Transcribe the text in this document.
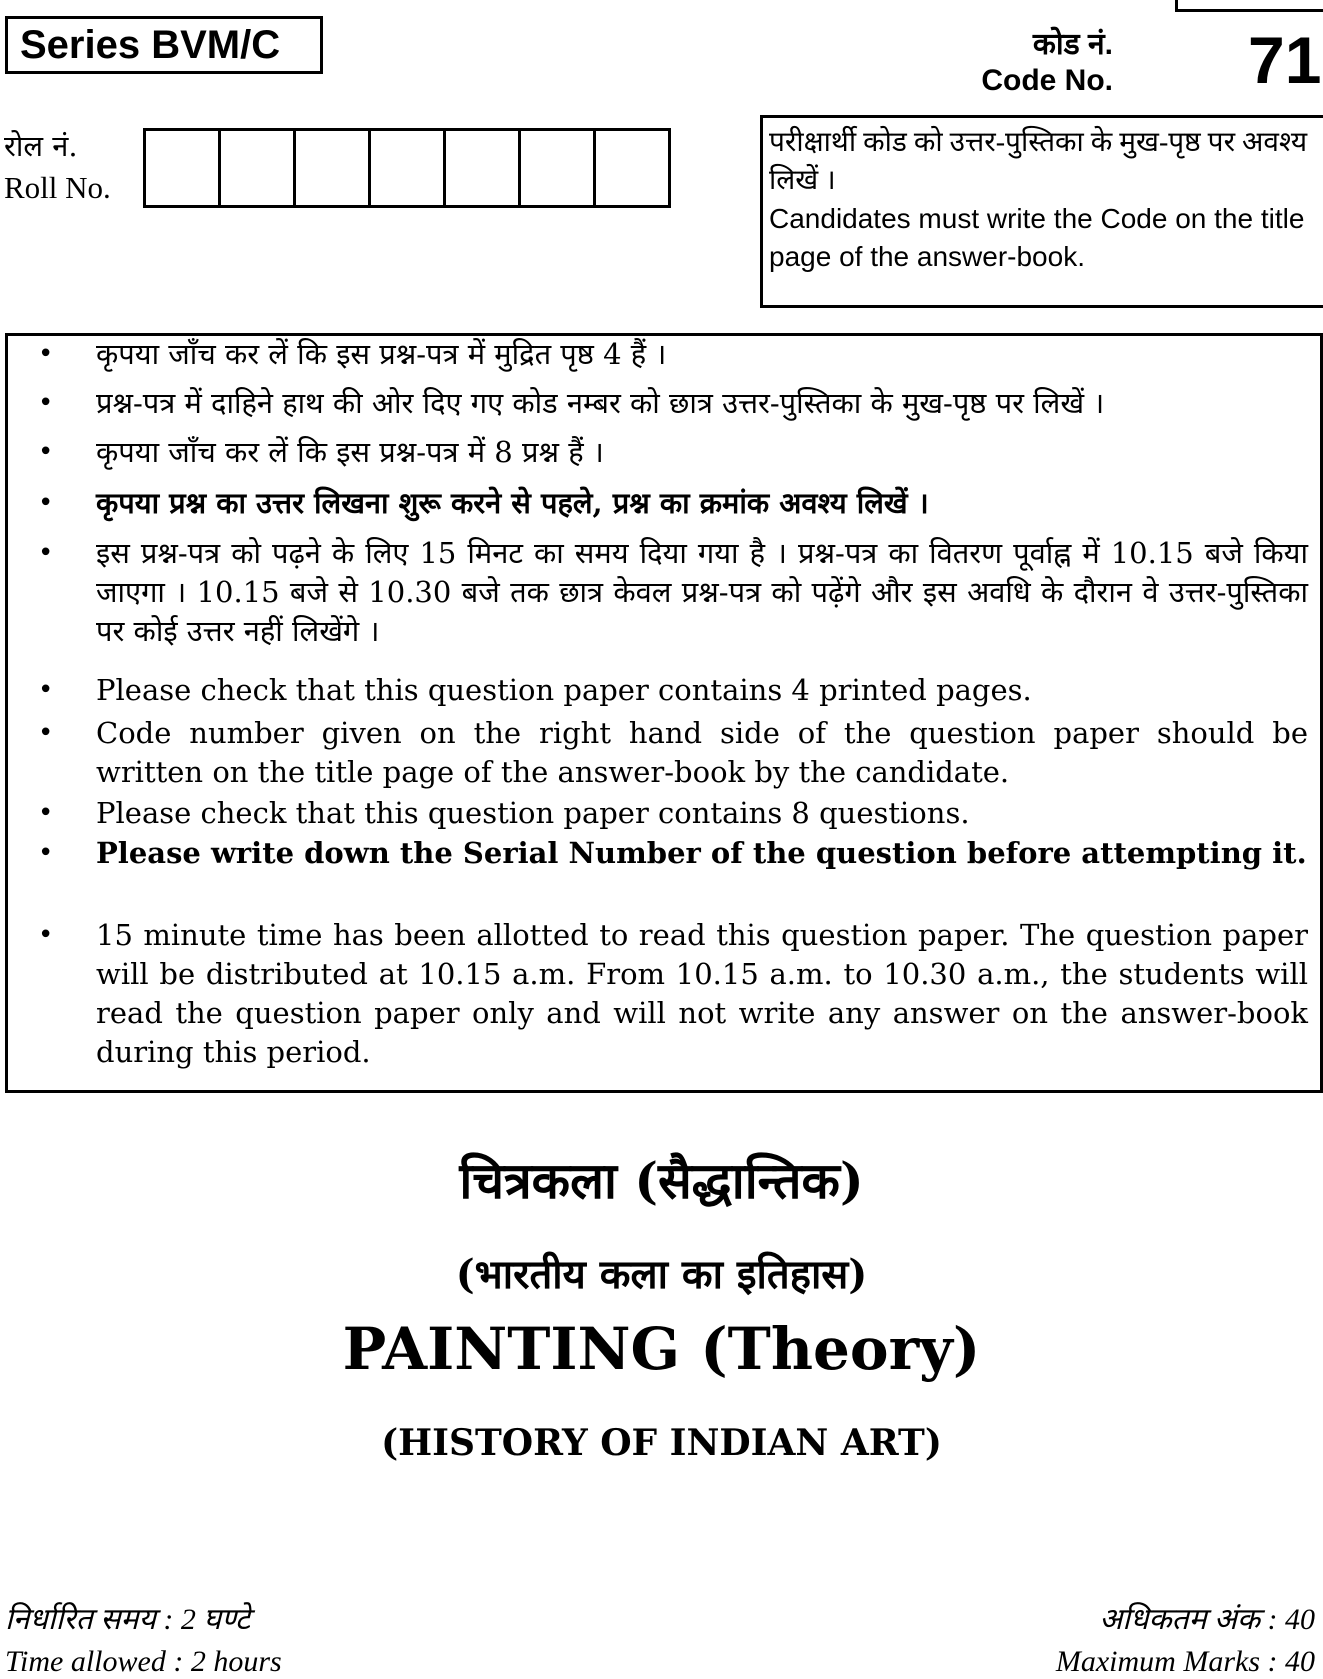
Series BVM/C	कोड नं.
Code No. 71
रोल नं.
Roll No.
परीक्षार्थी कोड को उत्तर-पुस्तिका के मुख-पृष्ठ पर अवश्य लिखें ।
Candidates must write the Code on the title page of the answer-book.
• कृपया जाँच कर लें कि इस प्रश्न-पत्र में मुद्रित पृष्ठ 4 हैं ।
• प्रश्न-पत्र में दाहिने हाथ की ओर दिए गए कोड नम्बर को छात्र उत्तर-पुस्तिका के मुख-पृष्ठ पर लिखें ।
• कृपया जाँच कर लें कि इस प्रश्न-पत्र में 8 प्रश्न हैं ।
• कृपया प्रश्न का उत्तर लिखना शुरू करने से पहले, प्रश्न का क्रमांक अवश्य लिखें ।
• इस प्रश्न-पत्र को पढ़ने के लिए 15 मिनट का समय दिया गया है । प्रश्न-पत्र का वितरण पूर्वाह्न में 10.15 बजे किया जाएगा । 10.15 बजे से 10.30 बजे तक छात्र केवल प्रश्न-पत्र को पढ़ेंगे और इस अवधि के दौरान वे उत्तर-पुस्तिका पर कोई उत्तर नहीं लिखेंगे ।
• Please check that this question paper contains 4 printed pages.
• Code number given on the right hand side of the question paper should be written on the title page of the answer-book by the candidate.
• Please check that this question paper contains 8 questions.
• Please write down the Serial Number of the question before attempting it.
• 15 minute time has been allotted to read this question paper. The question paper will be distributed at 10.15 a.m. From 10.15 a.m. to 10.30 a.m., the students will read the question paper only and will not write any answer on the answer-book during this period.
चित्रकला (सैद्धान्तिक)
(भारतीय कला का इतिहास)
PAINTING (Theory)
(HISTORY OF INDIAN ART)
निर्धारित समय : 2 घण्टे
Time allowed : 2 hours
अधिकतम अंक : 40
Maximum Marks : 40
